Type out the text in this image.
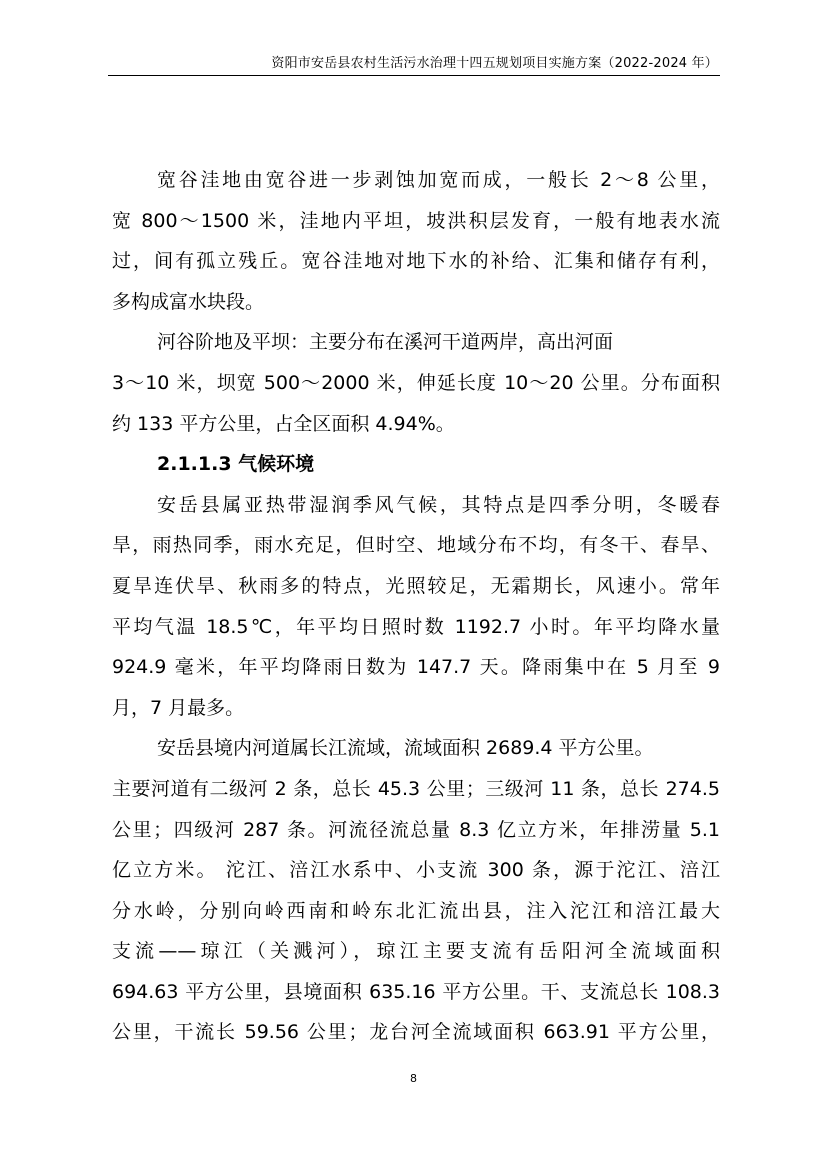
资阳市安岳县农村生活污水治理十四五规划项目实施方案（2022-2024 年）
宽谷洼地由宽谷进一步剥蚀加宽而成，一般长 2～8 公里，
宽 800～1500 米，洼地内平坦，坡洪积层发育，一般有地表水流
过，间有孤立残丘。宽谷洼地对地下水的补给、汇集和储存有利，
多构成富水块段。
河谷阶地及平坝：主要分布在溪河干道两岸，高出河面
3～10 米，坝宽 500～2000 米，伸延长度 10～20 公里。分布面积
约 133 平方公里，占全区面积 4.94%。
2.1.1.3 气候环境
安岳县属亚热带湿润季风气候，其特点是四季分明，冬暖春
旱，雨热同季，雨水充足，但时空、地域分布不均，有冬干、春旱、
夏旱连伏旱、秋雨多的特点，光照较足，无霜期长，风速小。常年
平均气温 18.5℃，年平均日照时数 1192.7 小时。年平均降水量
924.9 毫米，年平均降雨日数为 147.7 天。降雨集中在 5 月至 9
月，7 月最多。
安岳县境内河道属长江流域，流域面积 2689.4 平方公里。
主要河道有二级河 2 条，总长 45.3 公里；三级河 11 条，总长 274.5
公里；四级河 287 条。河流径流总量 8.3 亿立方米，年排涝量 5.1
亿立方米。 沱江、涪江水系中、小支流 300 条，源于沱江、涪江
分水岭，分别向岭西南和岭东北汇流出县，注入沱江和涪江最大
支流——琼江（关溅河），琼江主要支流有岳阳河全流域面积
694.63 平方公里，县境面积 635.16 平方公里。干、支流总长 108.3
公里，干流长 59.56 公里；龙台河全流域面积 663.91 平方公里，
8
